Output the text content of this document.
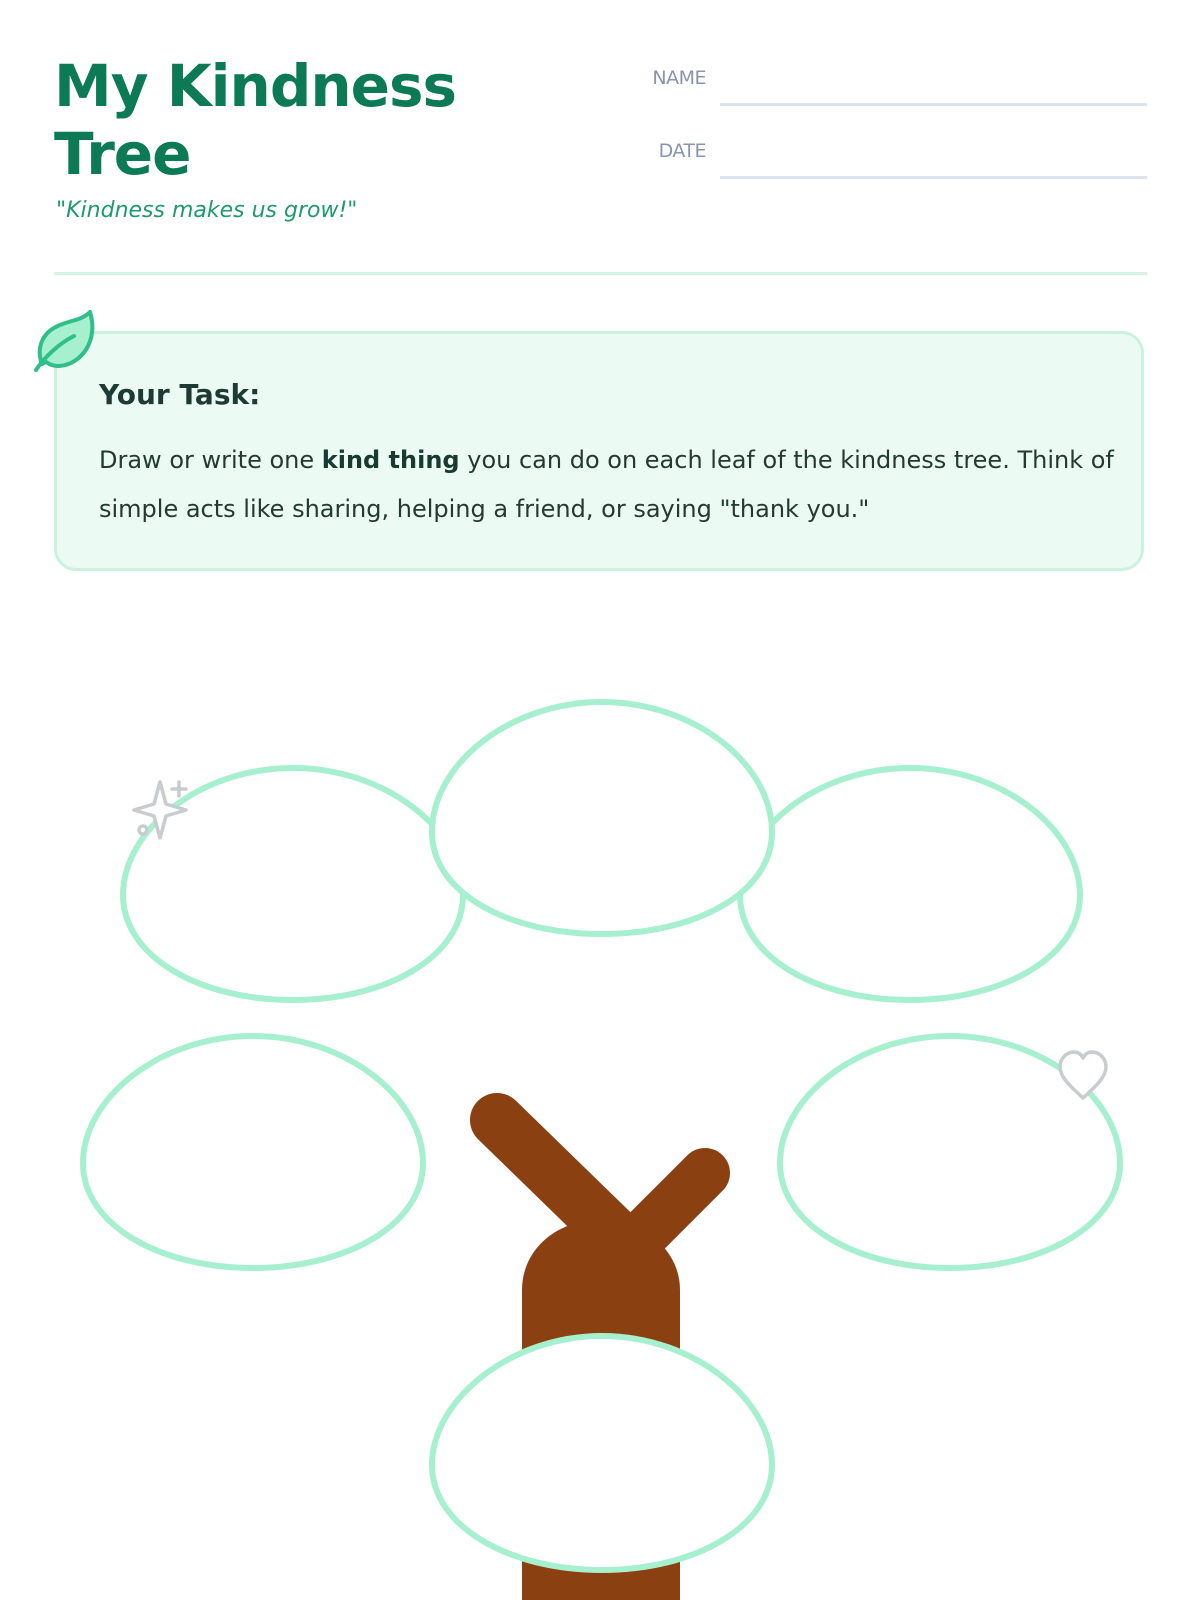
My Kindness
Tree
"Kindness makes us grow!"
NAME
DATE
Your Task:
Draw or write one kind thing you can do on each leaf of the kindness tree. Think of simple acts like sharing, helping a friend, or saying "thank you."
